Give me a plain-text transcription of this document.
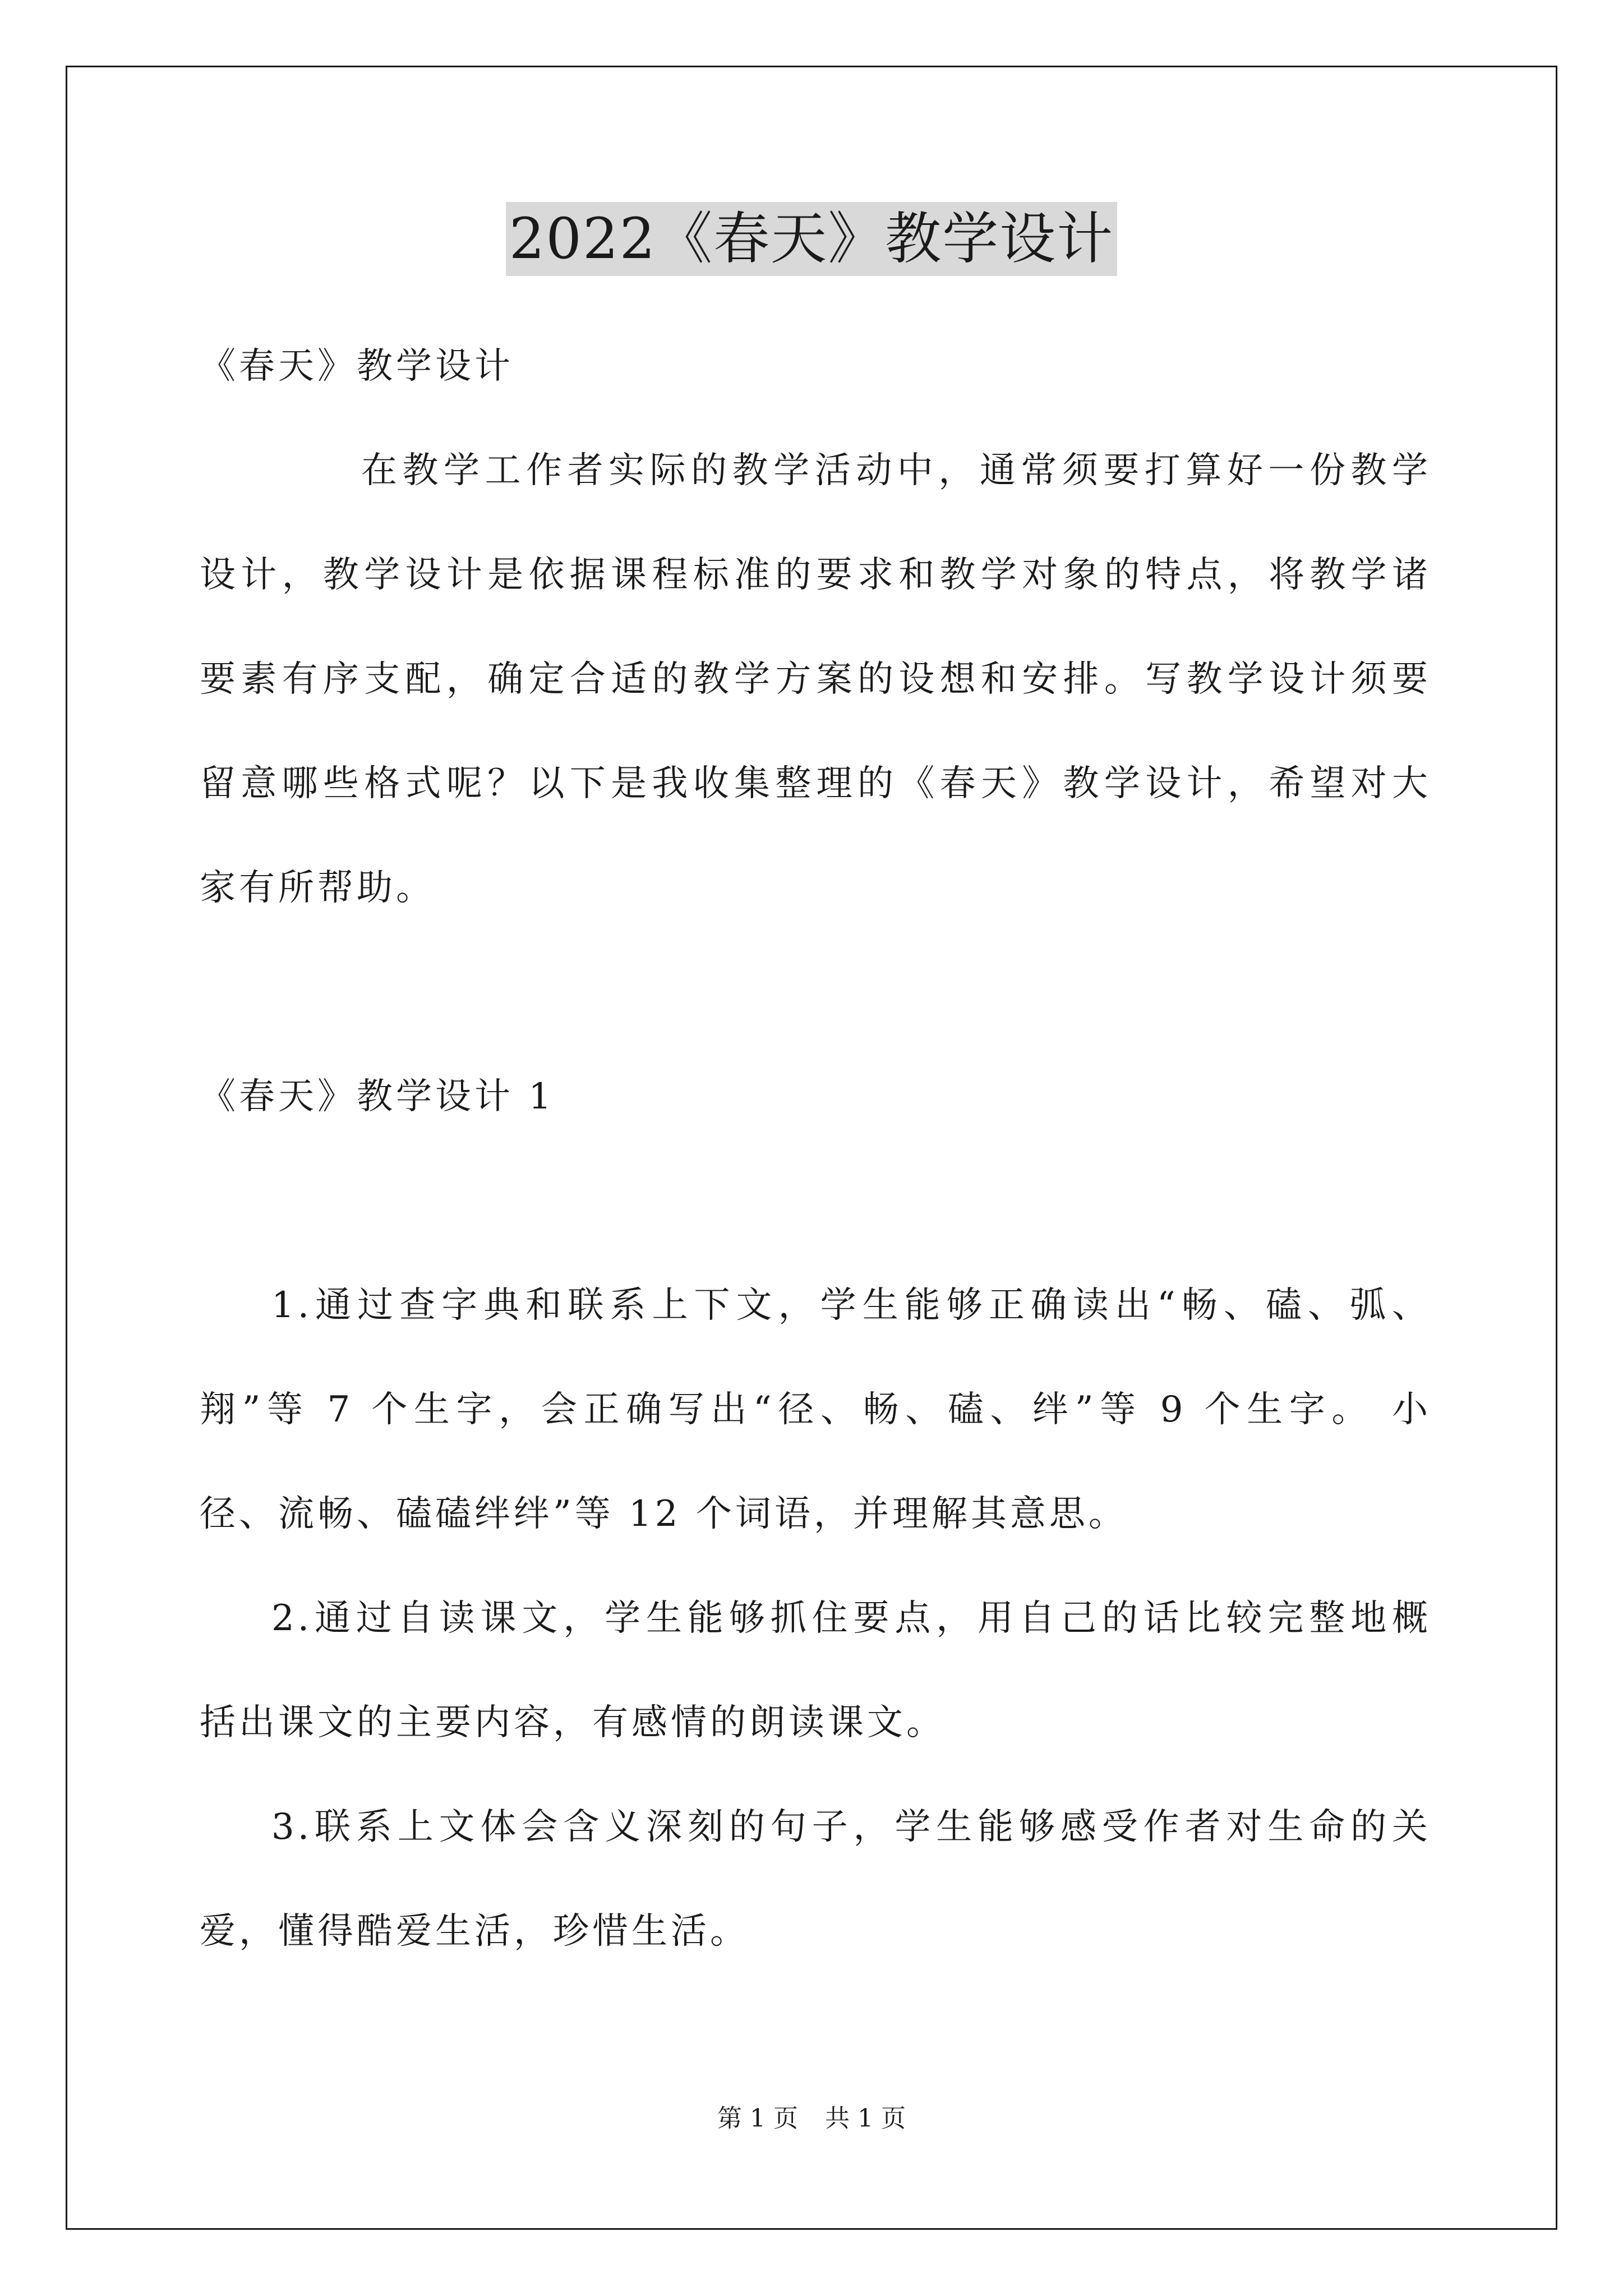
2022《春天》教学设计
《春天》教学设计
在教学工作者实际的教学活动中，通常须要打算好一份教学
设计，教学设计是依据课程标准的要求和教学对象的特点，将教学诸
要素有序支配，确定合适的教学方案的设想和安排。写教学设计须要
留意哪些格式呢？以下是我收集整理的《春天》教学设计，希望对大
家有所帮助。
《春天》教学设计 1
1.通过查字典和联系上下文，学生能够正确读出“畅、磕、弧、
翔”等 7 个生字，会正确写出“径、畅、磕、绊”等 9 个生字。 小
径、流畅、磕磕绊绊”等 12 个词语，并理解其意思。
2.通过自读课文，学生能够抓住要点，用自己的话比较完整地概
括出课文的主要内容，有感情的朗读课文。
3.联系上文体会含义深刻的句子，学生能够感受作者对生命的关
爱，懂得酷爱生活，珍惜生活。
第 1 页 共 1 页
